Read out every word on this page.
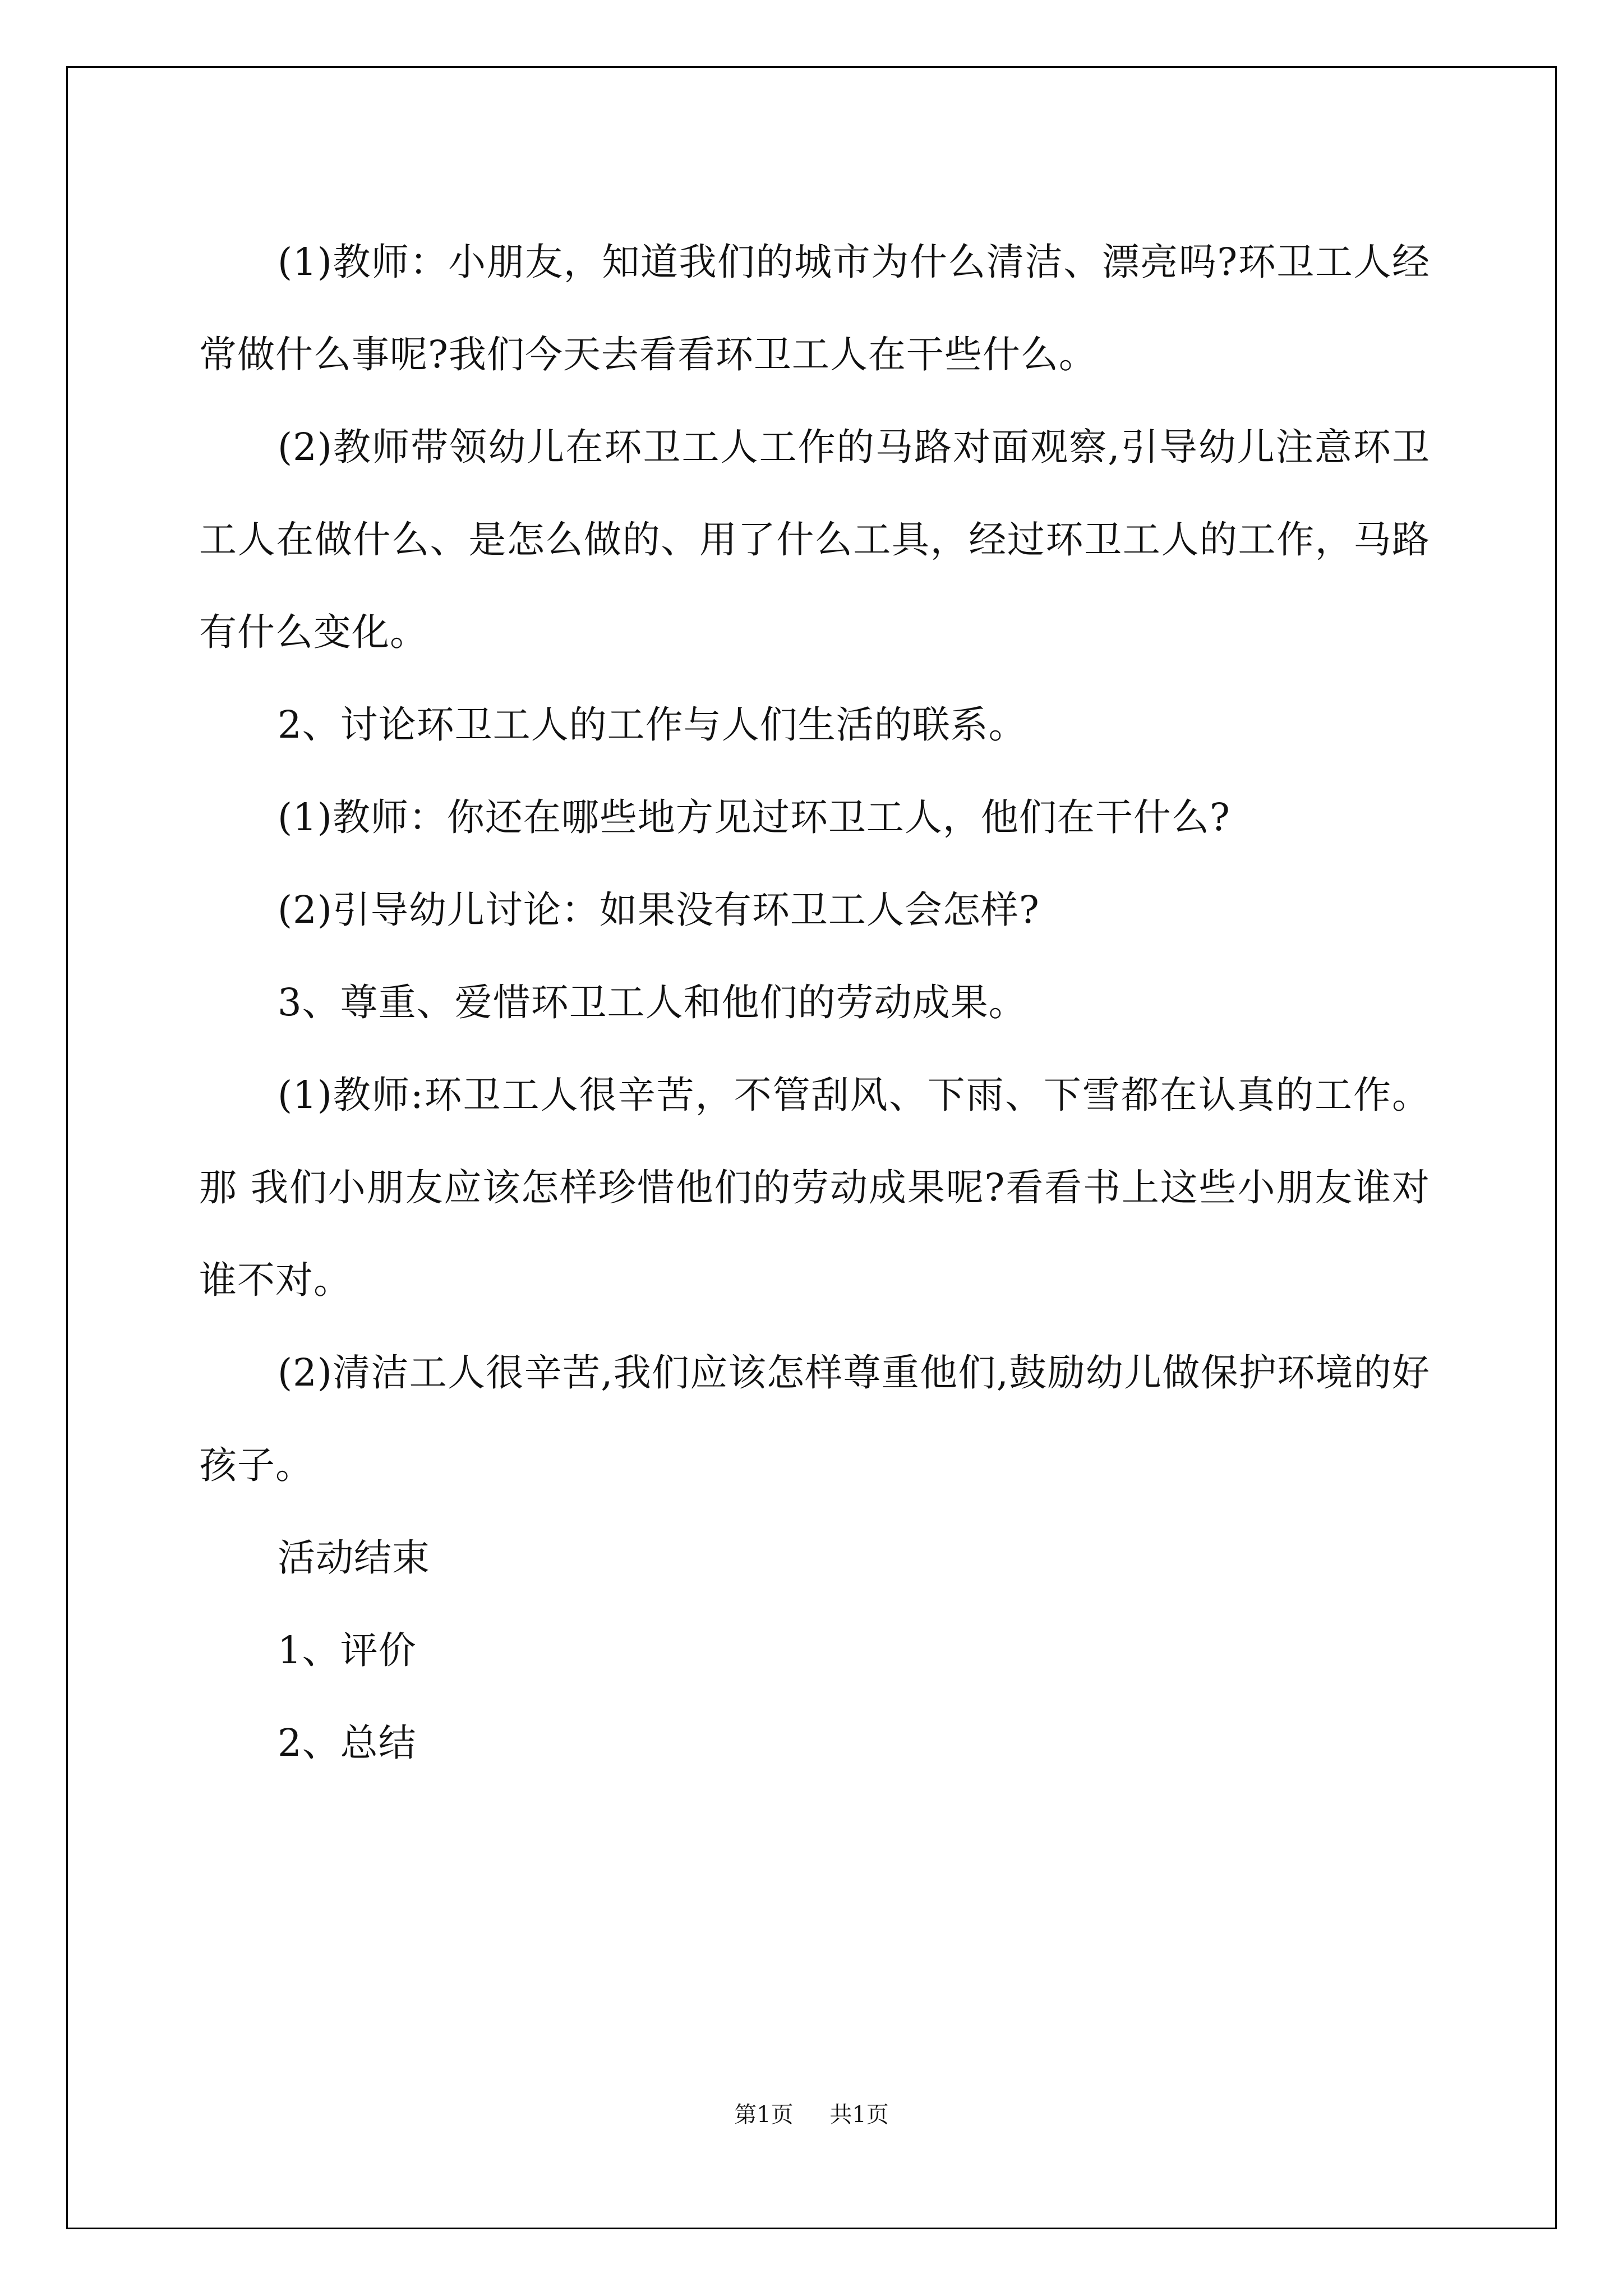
(1)教师：小朋友，知道我们的城市为什么清洁、漂亮吗?环卫工人经常做什么事呢?我们今天去看看环卫工人在干些什么。

(2)教师带领幼儿在环卫工人工作的马路对面观察,引导幼儿注意环卫工人在做什么、是怎么做的、用了什么工具，经过环卫工人的工作，马路有什么变化。

2、讨论环卫工人的工作与人们生活的联系。

(1)教师：你还在哪些地方见过环卫工人，他们在干什么?

(2)引导幼儿讨论：如果没有环卫工人会怎样?

3、尊重、爱惜环卫工人和他们的劳动成果。

(1)教师:环卫工人很辛苦，不管刮风、下雨、下雪都在认真的工作。那 我们小朋友应该怎样珍惜他们的劳动成果呢?看看书上这些小朋友谁对谁不对。

(2)清洁工人很辛苦,我们应该怎样尊重他们,鼓励幼儿做保护环境的好孩子。

活动结束

1、评价

2、总结

第1页 共1页
